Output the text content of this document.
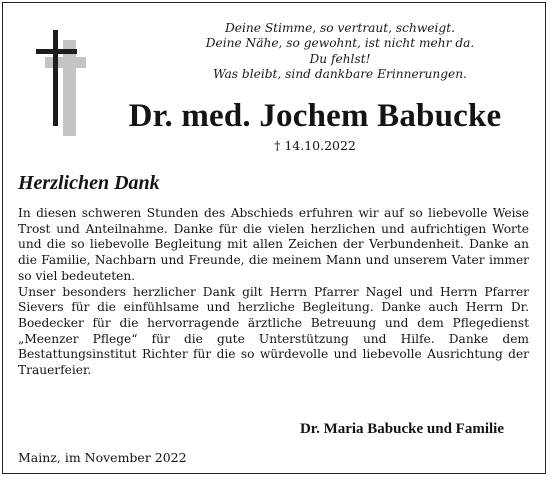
Deine Stimme, so vertraut, schweigt.
Deine Nähe, so gewohnt, ist nicht mehr da.
Du fehlst!
Was bleibt, sind dankbare Erinnerungen.
Dr. med. Jochem Babucke
† 14.10.2022
Herzlichen Dank

In diesen schweren Stunden des Abschieds erfuhren wir auf so liebevolle Weise Trost und Anteilnahme. Danke für die vielen herzlichen und aufrichtigen Worte und die so liebevolle Begleitung mit allen Zeichen der Verbundenheit. Danke an die Familie, Nachbarn und Freunde, die meinem Mann und unserem Vater immer so viel bedeuteten.

Unser besonders herzlicher Dank gilt Herrn Pfarrer Nagel und Herrn Pfarrer Sievers für die einfühlsame und herzliche Begleitung. Danke auch Herrn Dr. Boedecker für die hervorragende ärztliche Betreuung und dem Pflegedienst „Meenzer Pflege“ für die gute Unterstützung und Hilfe. Danke dem Bestattungsinstitut Richter für die so würdevolle und liebevolle Ausrichtung der Trauerfeier.

Dr. Maria Babucke und Familie
Mainz, im November 2022
